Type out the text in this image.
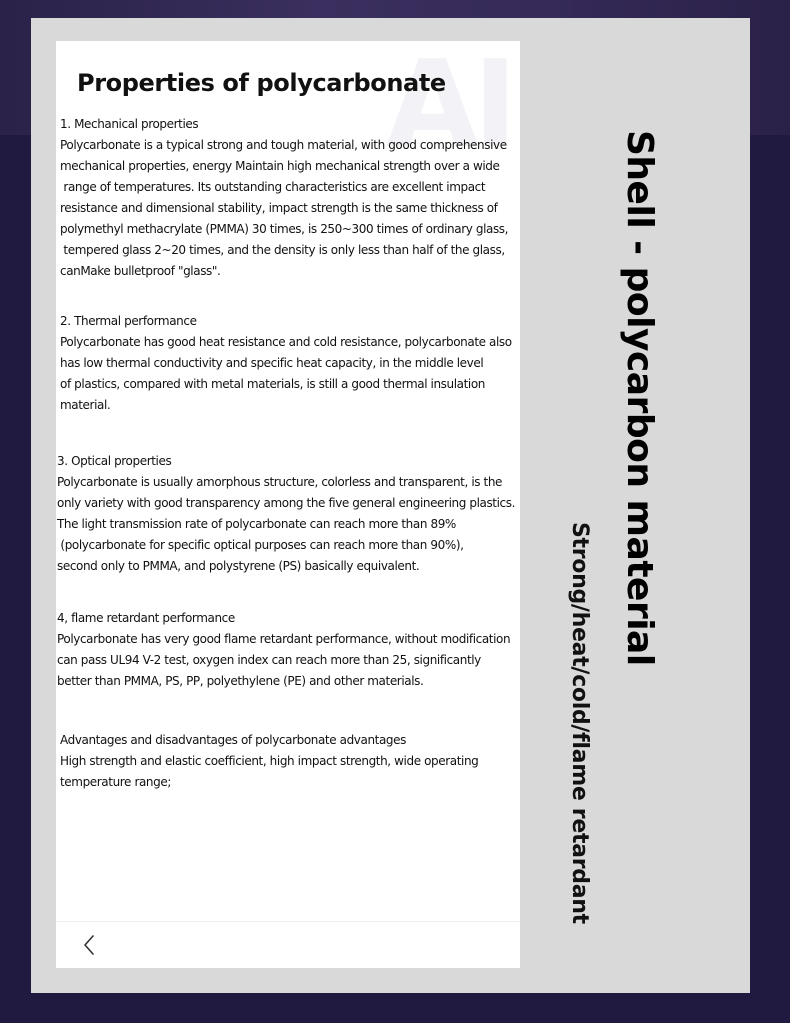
AI
Properties of polycarbonate
1. Mechanical properties
Polycarbonate is a typical strong and tough material, with good comprehensive
mechanical properties, energy Maintain high mechanical strength over a wide
range of temperatures. Its outstanding characteristics are excellent impact
resistance and dimensional stability, impact strength is the same thickness of
polymethyl methacrylate (PMMA) 30 times, is 250~300 times of ordinary glass,
tempered glass 2~20 times, and the density is only less than half of the glass,
canMake bulletproof "glass".
2. Thermal performance
Polycarbonate has good heat resistance and cold resistance, polycarbonate also
has low thermal conductivity and specific heat capacity, in the middle level
of plastics, compared with metal materials, is still a good thermal insulation
material.
3. Optical properties
Polycarbonate is usually amorphous structure, colorless and transparent, is the
only variety with good transparency among the five general engineering plastics.
The light transmission rate of polycarbonate can reach more than 89%
(polycarbonate for specific optical purposes can reach more than 90%),
second only to PMMA, and polystyrene (PS) basically equivalent.
4, flame retardant performance
Polycarbonate has very good flame retardant performance, without modification
can pass UL94 V-2 test, oxygen index can reach more than 25, significantly
better than PMMA, PS, PP, polyethylene (PE) and other materials.
Advantages and disadvantages of polycarbonate advantages
High strength and elastic coefficient, high impact strength, wide operating
temperature range;
Shell - polycarbon material
Strong/heat/cold/flame retardant
